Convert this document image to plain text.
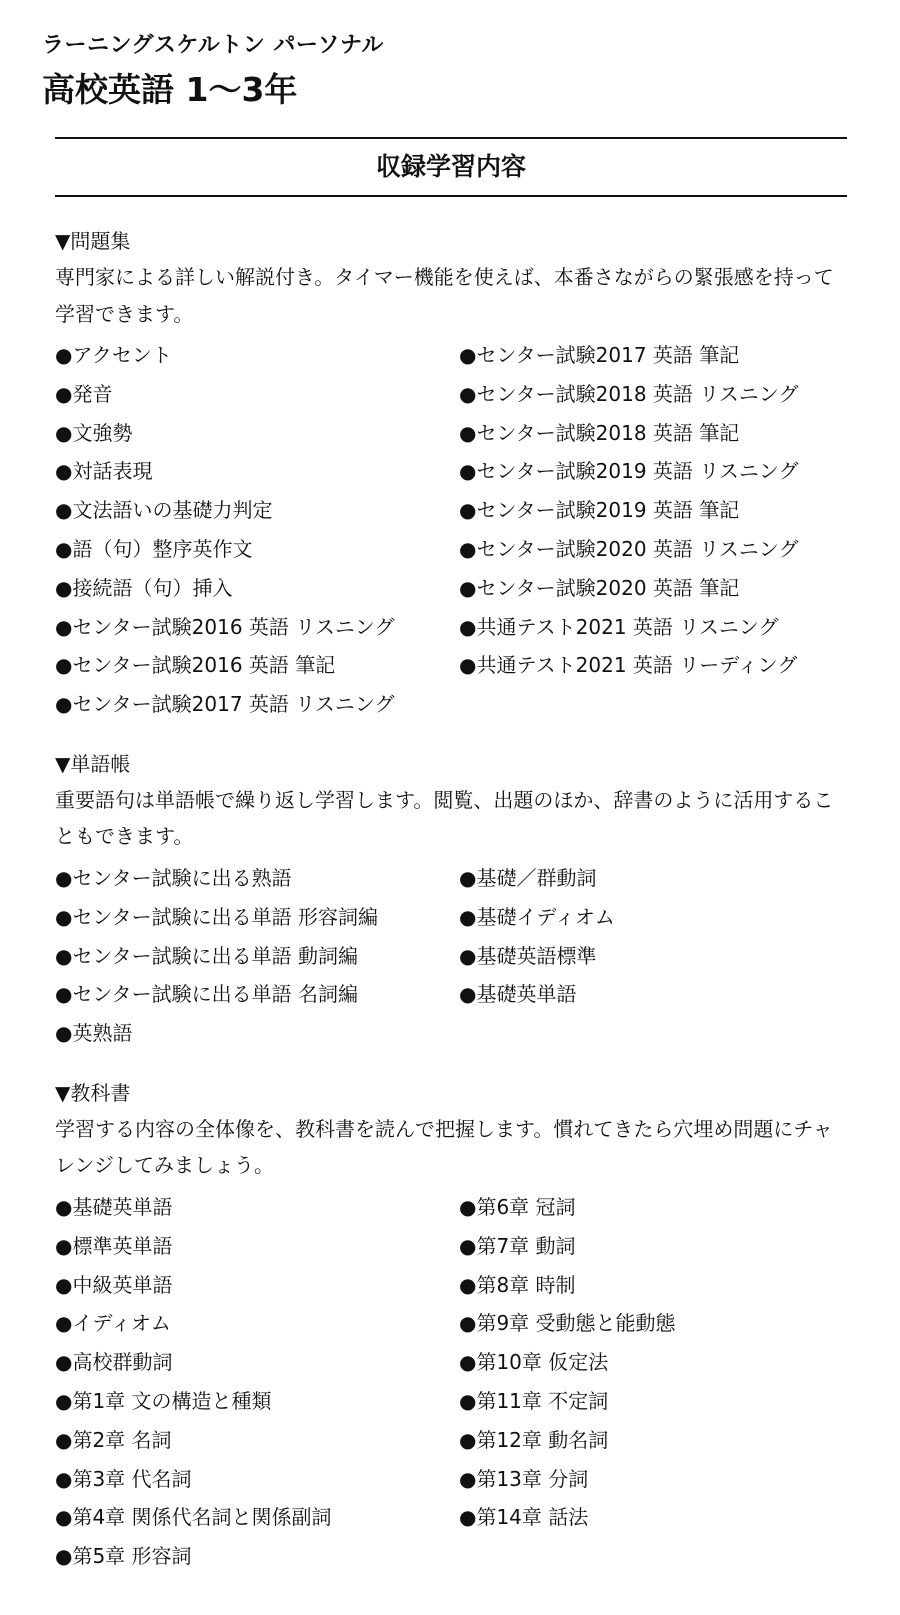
ラーニングスケルトン パーソナル
高校英語 1～3年
収録学習内容
▼問題集
専門家による詳しい解説付き。タイマー機能を使えば、本番さながらの緊張感を持って学習できます。
● アクセント
● 発音
● 文強勢
● 対話表現
● 文法語いの基礎力判定
● 語（句）整序英作文
● 接続語（句）挿入
● センター試験2016 英語 リスニング
● センター試験2016 英語 筆記
● センター試験2017 英語 リスニング
● センター試験2017 英語 筆記
● センター試験2018 英語 リスニング
● センター試験2018 英語 筆記
● センター試験2019 英語 リスニング
● センター試験2019 英語 筆記
● センター試験2020 英語 リスニング
● センター試験2020 英語 筆記
● 共通テスト2021 英語 リスニング
● 共通テスト2021 英語 リーディング
▼単語帳
重要語句は単語帳で繰り返し学習します。閲覧、出題のほか、辞書のように活用することもできます。
● センター試験に出る熟語
● センター試験に出る単語 形容詞編
● センター試験に出る単語 動詞編
● センター試験に出る単語 名詞編
● 英熟語
● 基礎／群動詞
● 基礎イディオム
● 基礎英語標準
● 基礎英単語
▼教科書
学習する内容の全体像を、教科書を読んで把握します。慣れてきたら穴埋め問題にチャレンジしてみましょう。
● 基礎英単語
● 標準英単語
● 中級英単語
● イディオム
● 高校群動詞
● 第1章 文の構造と種類
● 第2章 名詞
● 第3章 代名詞
● 第4章 関係代名詞と関係副詞
● 第5章 形容詞
● 第6章 冠詞
● 第7章 動詞
● 第8章 時制
● 第9章 受動態と能動態
● 第10章 仮定法
● 第11章 不定詞
● 第12章 動名詞
● 第13章 分詞
● 第14章 話法
